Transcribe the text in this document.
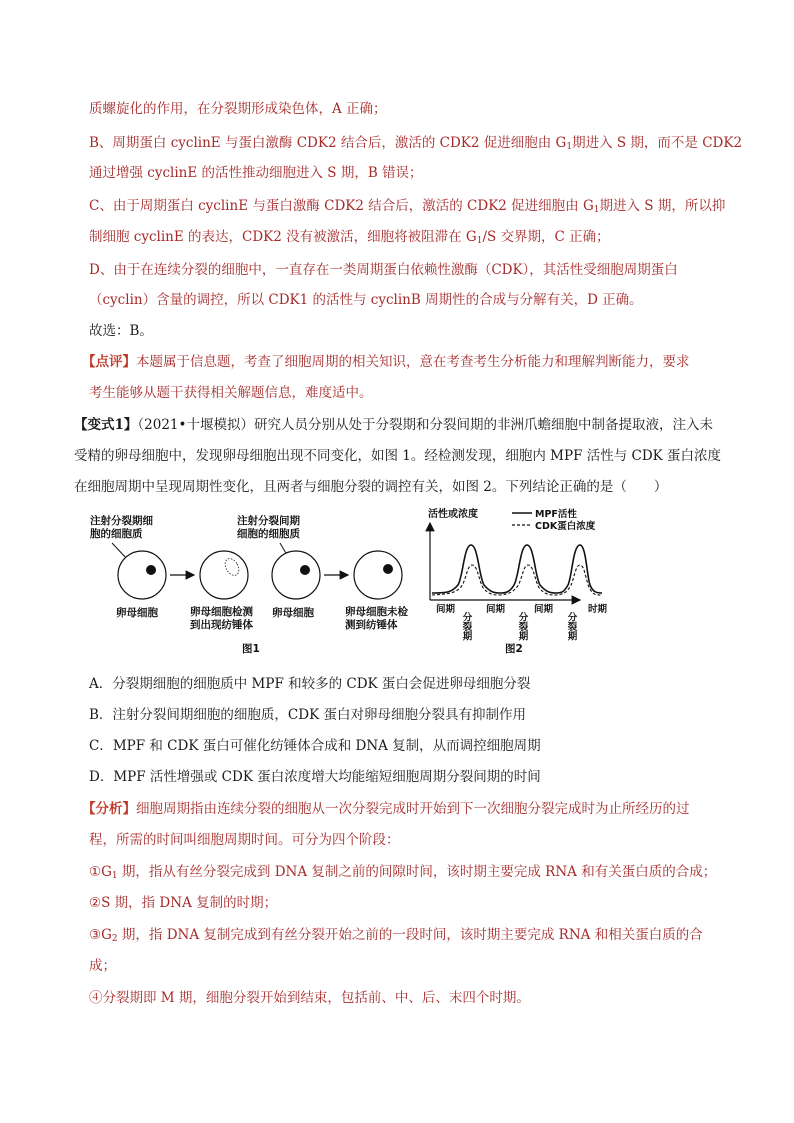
质螺旋化的作用，在分裂期形成染色体，A 正确；
B、周期蛋白 cyclinE 与蛋白激酶 CDK2 结合后，激活的 CDK2 促进细胞由 $G_1$期进入 S 期，而不是 CDK2
通过增强 cyclinE 的活性推动细胞进入 S 期，B 错误；
C、由于周期蛋白 cyclinE 与蛋白激酶 CDK2 结合后，激活的 CDK2 促进细胞由 $G_1$期进入 S 期，所以抑
制细胞 cyclinE 的表达，CDK2 没有被激活，细胞将被阻滞在 $G_1/S$ 交界期，C 正确；
D、由于在连续分裂的细胞中，一直存在一类周期蛋白依赖性激酶（CDK），其活性受细胞周期蛋白
（cyclin）含量的调控，所以 CDK1 的活性与 cyclinB 周期性的合成与分解有关，D 正确。
故选：B。
【点评】本题属于信息题，考查了细胞周期的相关知识，意在考查考生分析能力和理解判断能力，要求
考生能够从题干获得相关解题信息，难度适中。
【变式1】（2021•十堰模拟）研究人员分别从处于分裂期和分裂间期的非洲爪蟾细胞中制备提取液，注入未
受精的卵母细胞中，发现卵母细胞出现不同变化，如图 1。经检测发现，细胞内 MPF 活性与 CDK 蛋白浓度
在细胞周期中呈现周期性变化，且两者与细胞分裂的调控有关，如图 2。下列结论正确的是（　　）
注射分裂期细
胞的细胞质
卵母细胞	卵母细胞检测
到出现纺锤体
注射分裂间期
细胞的细胞质
卵母细胞	卵母细胞未检
测到纺锤体
图1
活性或浓度	MPF活性
CDK蛋白浓度
间期
分裂期
间期
分裂期
间期
分裂期
时期
图2
A．分裂期细胞的细胞质中 MPF 和较多的 CDK 蛋白会促进卵母细胞分裂
B．注射分裂间期细胞的细胞质，CDK 蛋白对卵母细胞分裂具有抑制作用
C．MPF 和 CDK 蛋白可催化纺锤体合成和 DNA 复制，从而调控细胞周期
D．MPF 活性增强或 CDK 蛋白浓度增大均能缩短细胞周期分裂间期的时间
【分析】细胞周期指由连续分裂的细胞从一次分裂完成时开始到下一次细胞分裂完成时为止所经历的过
程，所需的时间叫细胞周期时间。可分为四个阶段：
$①G_1$ 期，指从有丝分裂完成到 DNA 复制之前的间隙时间，该时期主要完成 RNA 和有关蛋白质的合成；
②S 期，指 DNA 复制的时期；
$③G_2$ 期，指 DNA 复制完成到有丝分裂开始之前的一段时间，该时期主要完成 RNA 和相关蛋白质的合
成；
④分裂期即 M 期，细胞分裂开始到结束，包括前、中、后、末四个时期。
